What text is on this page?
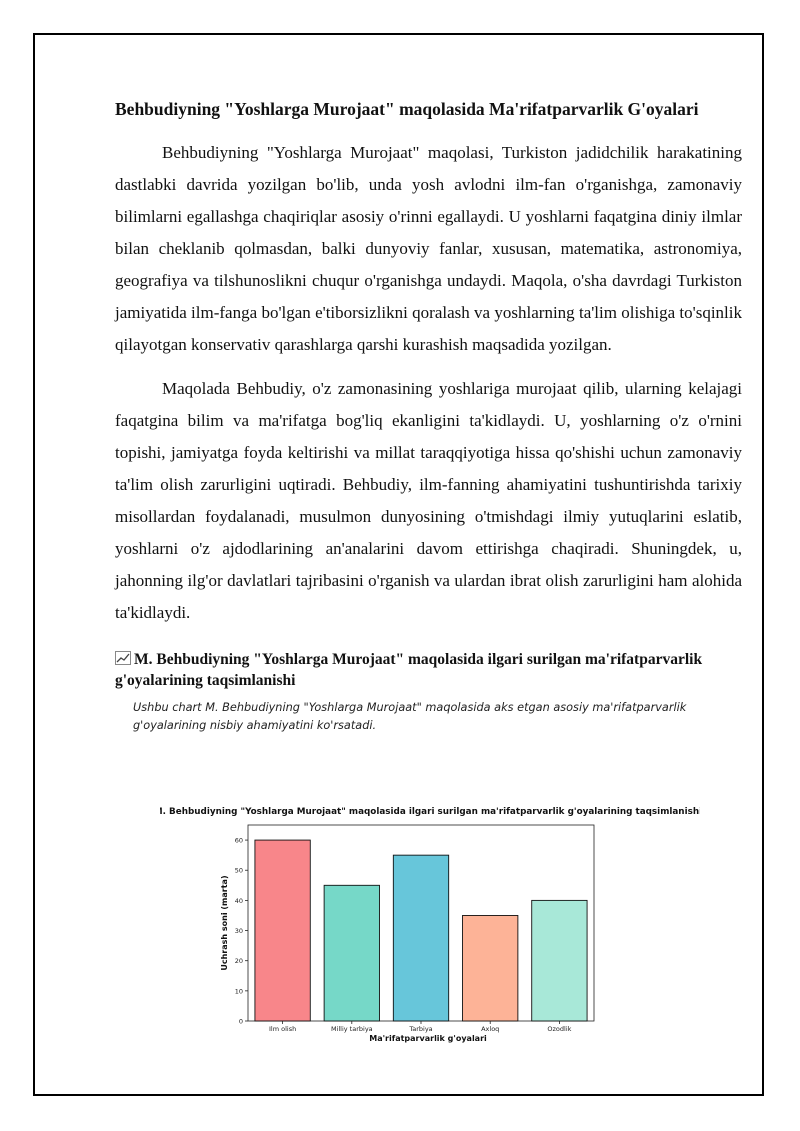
Behbudiyning "Yoshlarga Murojaat" maqolasida Ma'rifatparvarlik G'oyalari

Behbudiyning "Yoshlarga Murojaat" maqolasi, Turkiston jadidchilik harakatining dastlabki davrida yozilgan bo'lib, unda yosh avlodni ilm-fan o'rganishga, zamonaviy bilimlarni egallashga chaqiriqlar asosiy o'rinni egallaydi. U yoshlarni faqatgina diniy ilmlar bilan cheklanib qolmasdan, balki dunyoviy fanlar, xususan, matematika, astronomiya, geografiya va tilshunoslikni chuqur o'rganishga undaydi. Maqola, o'sha davrdagi Turkiston jamiyatida ilm-fanga bo'lgan e'tiborsizlikni qoralash va yoshlarning ta'lim olishiga to'sqinlik qilayotgan konservativ qarashlarga qarshi kurashish maqsadida yozilgan.

Maqolada Behbudiy, o'z zamonasining yoshlariga murojaat qilib, ularning kelajagi faqatgina bilim va ma'rifatga bog'liq ekanligini ta'kidlaydi. U, yoshlarning o'z o'rnini topishi, jamiyatga foyda keltirishi va millat taraqqiyotiga hissa qo'shishi uchun zamonaviy ta'lim olish zarurligini uqtiradi. Behbudiy, ilm-fanning ahamiyatini tushuntirishda tarixiy misollardan foydalanadi, musulmon dunyosining o'tmishdagi ilmiy yutuqlarini eslatib, yoshlarni o'z ajdodlarining an'analarini davom ettirishga chaqiradi. Shuningdek, u, jahonning ilg'or davlatlari tajribasini o'rganish va ulardan ibrat olish zarurligini ham alohida ta'kidlaydi.

M. Behbudiyning "Yoshlarga Murojaat" maqolasida ilgari surilgan ma'rifatparvarlik g'oyalarining taqsimlanishi
Ushbu chart M. Behbudiyning "Yoshlarga Murojaat" maqolasida aks etgan asosiy ma'rifatparvarlik g'oyalarining nisbiy ahamiyatini ko'rsatadi.
M. Behbudiyning "Yoshlarga Murojaat" maqolasida ilgari surilgan ma'rifatparvarlik g'oyalarining taqsimlanishi
Uchrash soni (marta)
Ma'rifatparvarlik g'oyalari
0
10
20
30
40
50
60
Ilm olish	Milliy tarbiya	Tarbiya	Axloq	Ozodlik
